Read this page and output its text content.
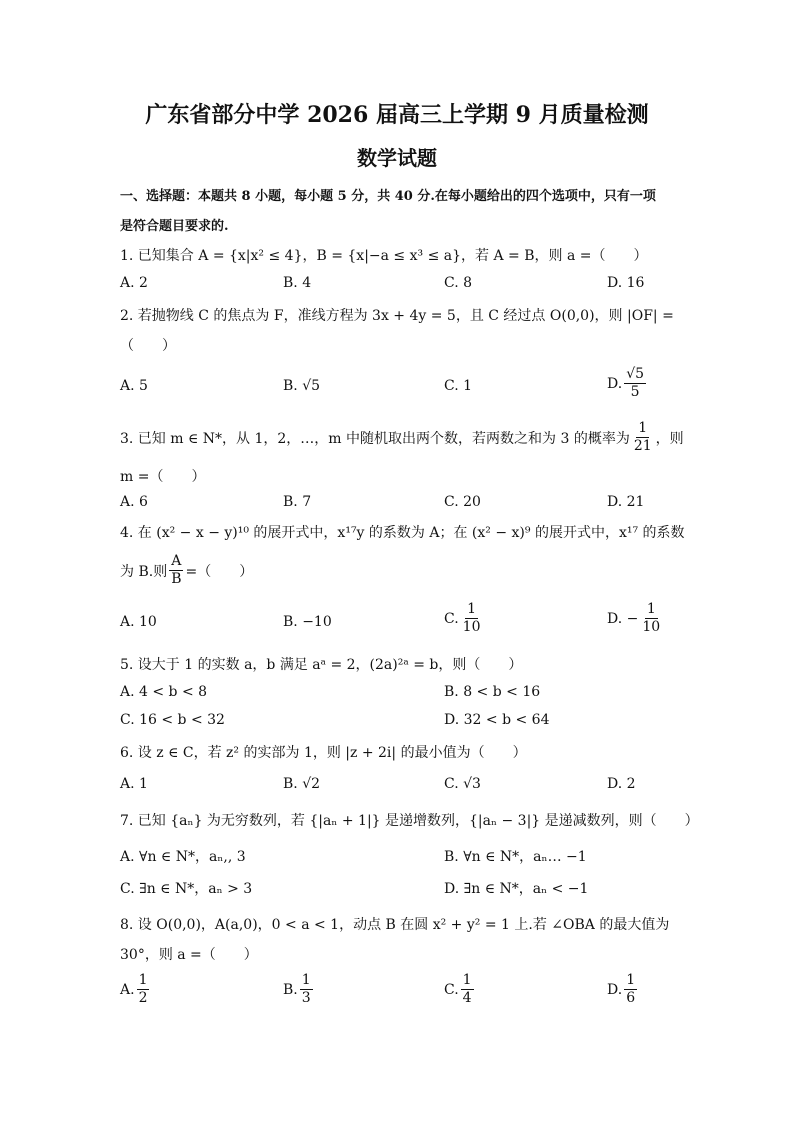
广东省部分中学 2026 届高三上学期 9 月质量检测
数学试题
一、选择题：本题共 8 小题，每小题 5 分，共 40 分.在每小题给出的四个选项中，只有一项
是符合题目要求的.
1. 已知集合 A = {x|x² ≤ 4}，B = {x|−a ≤ x³ ≤ a}，若 A = B，则 a =（　　）
A. 2	B. 4	C. 8	D. 16
2. 若抛物线 C 的焦点为 F，准线方程为 3x + 4y = 5，且 C 经过点 O(0,0)，则 |OF| =
（　　）
A. 5	B. √5	C. 1	D. $\frac{√5}{5}$
3. 已知 m ∈ N*，从 1，2，…，m 中随机取出两个数，若两数之和为 3 的概率为 $\frac{1}{21}$ ，则
m =（　　）
A. 6	B. 7	C. 20	D. 21
4. 在 (x² − x − y)¹⁰ 的展开式中，x¹⁷y 的系数为 A；在 (x² − x)⁹ 的展开式中，x¹⁷ 的系数
为 B.则 $\frac{A}{B}$ =（　　）
A. 10	B. −10	C. $\frac{1}{10}$	D. − $\frac{1}{10}$
5. 设大于 1 的实数 a，b 满足 aᵃ = 2，(2a)²ᵃ = b，则（　　）
A. 4 < b < 8	B. 8 < b < 16
C. 16 < b < 32	D. 32 < b < 64
6. 设 z ∈ C，若 z² 的实部为 1，则 |z + 2i| 的最小值为（　　）
A. 1	B. √2	C. √3	D. 2
7. 已知 {aₙ} 为无穷数列，若 {|aₙ + 1|} 是递增数列，{|aₙ − 3|} 是递减数列，则（　　）
A. ∀n ∈ N*，aₙ,, 3	B. ∀n ∈ N*，aₙ… −1
C. ∃n ∈ N*，aₙ > 3	D. ∃n ∈ N*，aₙ < −1
8. 设 O(0,0)，A(a,0)，0 < a < 1，动点 B 在圆 x² + y² = 1 上.若 ∠OBA 的最大值为
30°，则 a =（　　）
A. $\frac{1}{2}$	B. $\frac{1}{3}$	C. $\frac{1}{4}$	D. $\frac{1}{6}$
